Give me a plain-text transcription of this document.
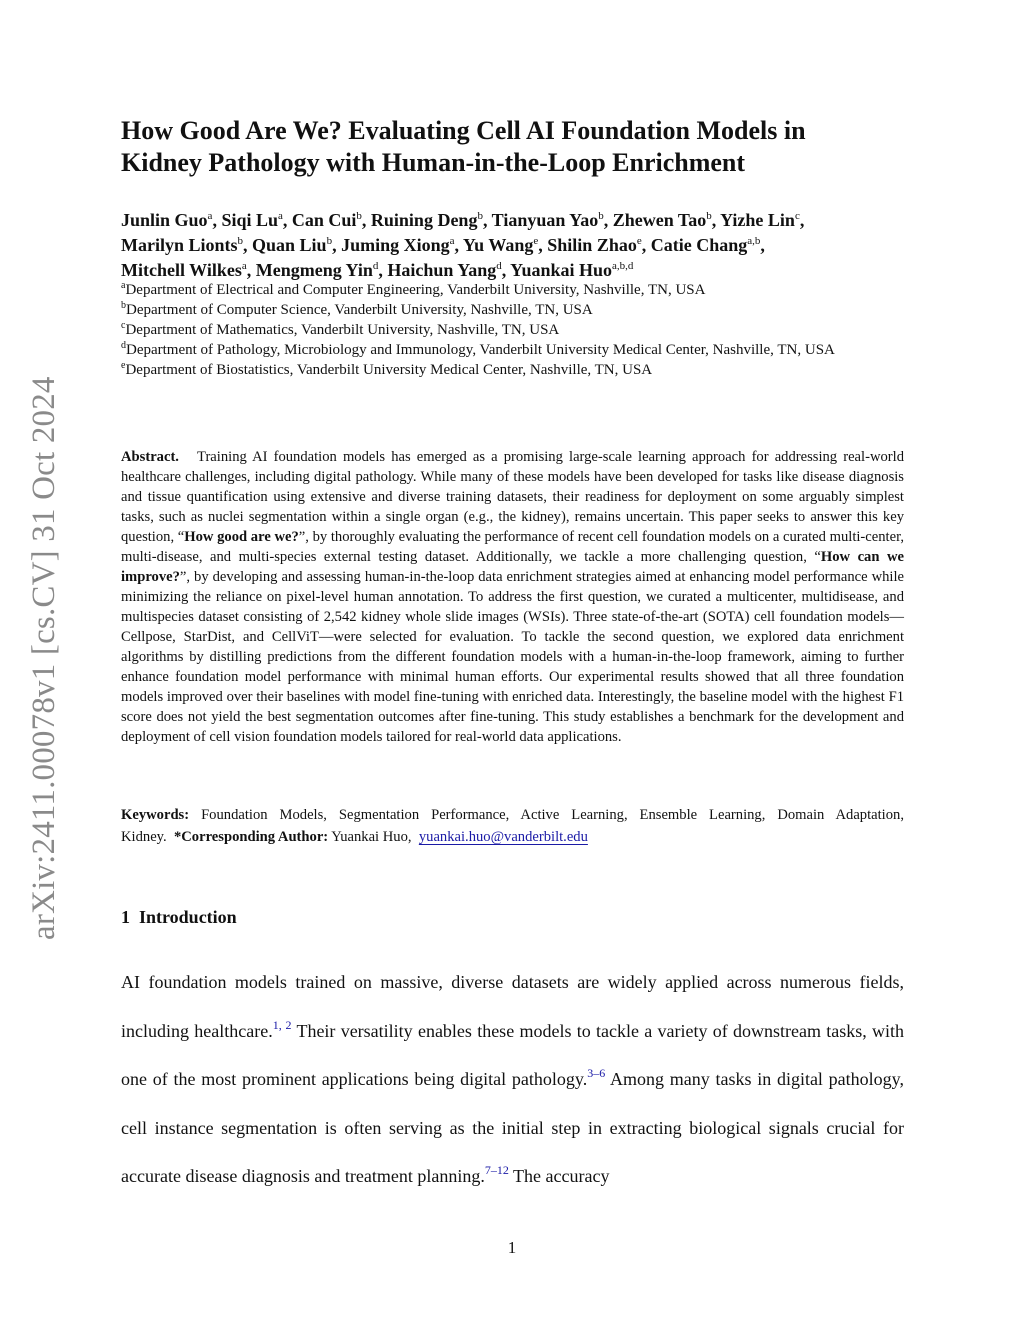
arXiv:2411.00078v1 [cs.CV] 31 Oct 2024
How Good Are We? Evaluating Cell AI Foundation Models in
Kidney Pathology with Human-in-the-Loop Enrichment
Junlin Guo$^a$, Siqi Lu$^a$, Can Cui$^b$, Ruining Deng$^b$, Tianyuan Yao$^b$, Zhewen Tao$^b$, Yizhe Lin$^c$,
Marilyn Lionts$^b$, Quan Liu$^b$, Juming Xiong$^a$, Yu Wang$^e$, Shilin Zhao$^e$, Catie Chang$^{a,b}$,
Mitchell Wilkes$^a$, Mengmeng Yin$^d$, Haichun Yang$^d$, Yuankai Huo$^{a,b,d}$
$^a$Department of Electrical and Computer Engineering, Vanderbilt University, Nashville, TN, USA
$^b$Department of Computer Science, Vanderbilt University, Nashville, TN, USA
$^c$Department of Mathematics, Vanderbilt University, Nashville, TN, USA
$^d$Department of Pathology, Microbiology and Immunology, Vanderbilt University Medical Center, Nashville, TN, USA
$^e$Department of Biostatistics, Vanderbilt University Medical Center, Nashville, TN, USA

Abstract. Training AI foundation models has emerged as a promising large-scale learning approach for addressing real-world healthcare challenges, including digital pathology. While many of these models have been developed for tasks like disease diagnosis and tissue quantification using extensive and diverse training datasets, their readiness for deployment on some arguably simplest tasks, such as nuclei segmentation within a single organ (e.g., the kidney), remains uncertain. This paper seeks to answer this key question, “How good are we?”, by thoroughly evaluating the performance of recent cell foundation models on a curated multi-center, multi-disease, and multi-species external testing dataset. Additionally, we tackle a more challenging question, “How can we improve?”, by developing and assessing human-in-the-loop data enrichment strategies aimed at enhancing model performance while minimizing the reliance on pixel-level human annotation. To address the first question, we curated a multicenter, multidisease, and multispecies dataset consisting of 2,542 kidney whole slide images (WSIs). Three state-of-the-art (SOTA) cell foundation models—Cellpose, StarDist, and CellViT—were selected for evaluation. To tackle the second question, we explored data enrichment algorithms by distilling predictions from the different foundation models with a human-in-the-loop framework, aiming to further enhance foundation model performance with minimal human efforts. Our experimental results showed that all three foundation models improved over their baselines with model fine-tuning with enriched data. Interestingly, the baseline model with the highest F1 score does not yield the best segmentation outcomes after fine-tuning. This study establishes a benchmark for the development and deployment of cell vision foundation models tailored for real-world data applications.

Keywords: Foundation Models, Segmentation Performance, Active Learning, Ensemble Learning, Domain Adaptation, Kidney. *Corresponding Author: Yuankai Huo, yuankai.huo@vanderbilt.edu

1 Introduction

AI foundation models trained on massive, diverse datasets are widely applied across numerous fields, including healthcare.$^{1, 2}$ Their versatility enables these models to tackle a variety of downstream tasks, with one of the most prominent applications being digital pathology.$^{3-6}$ Among many tasks in digital pathology, cell instance segmentation is often serving as the initial step in extracting biological signals crucial for accurate disease diagnosis and treatment planning.$^{7-12}$ The accuracy

1
